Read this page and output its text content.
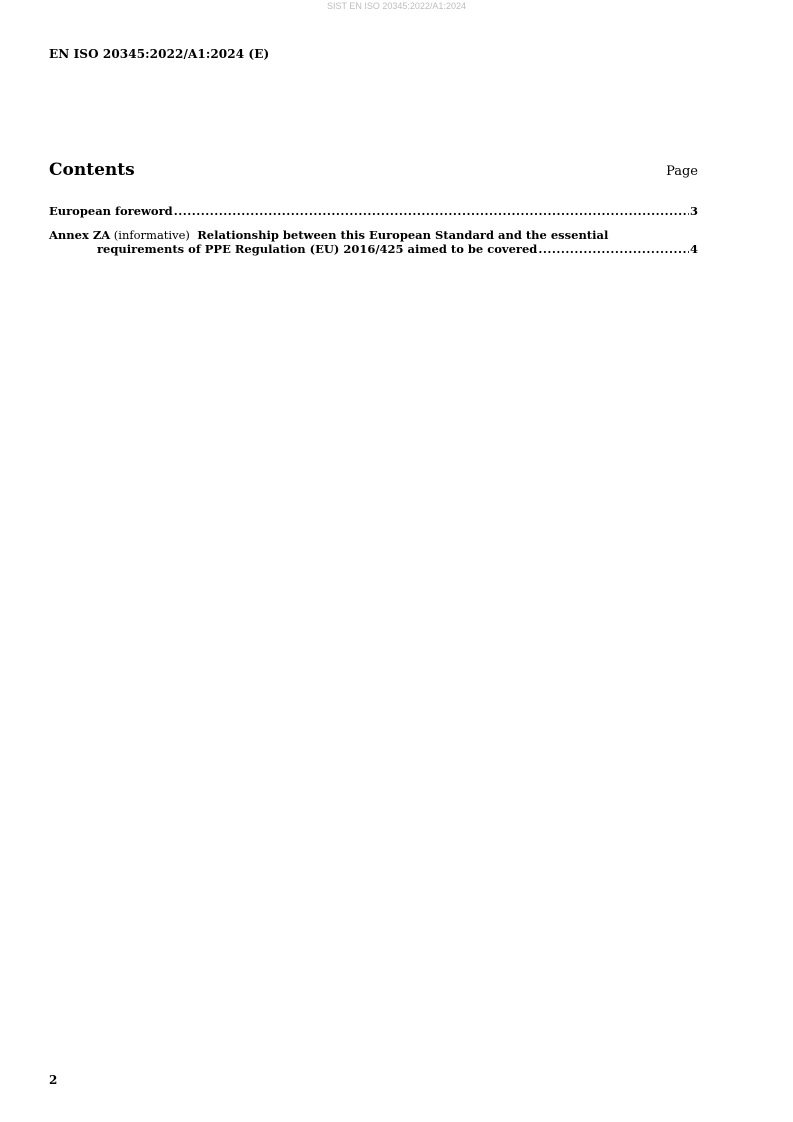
SIST EN ISO 20345:2022/A1:2024
EN ISO 20345:2022/A1:2024 (E)
Contents	Page
European foreword .....	3
Annex ZA (informative) Relationship between this European Standard and the essential
requirements of PPE Regulation (EU) 2016/425 aimed to be covered .....	4
2
